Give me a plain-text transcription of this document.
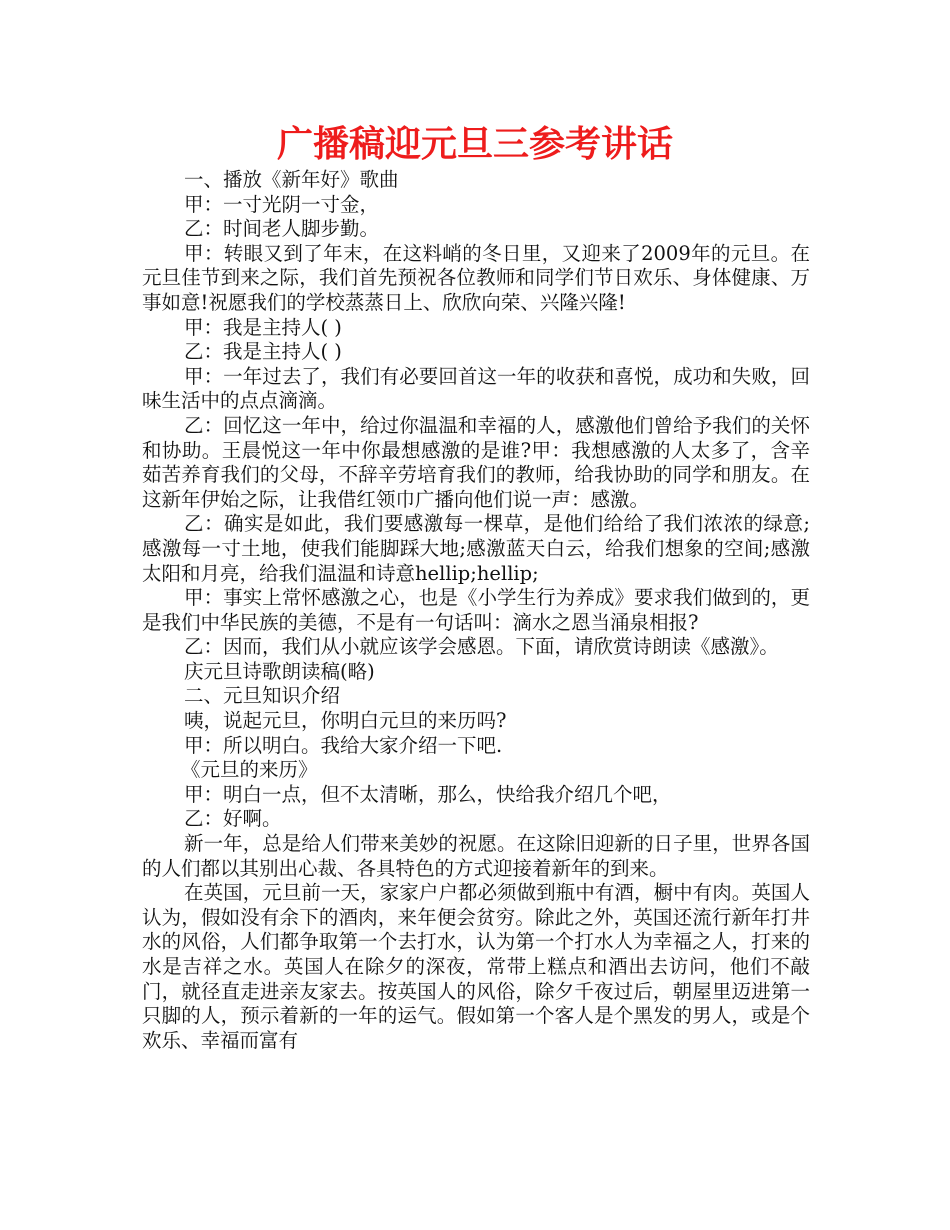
广播稿迎元旦三参考讲话

一、播放《新年好》歌曲

甲：一寸光阴一寸金，

乙：时间老人脚步勤。

甲：转眼又到了年末，在这料峭的冬日里，又迎来了2009年的元旦。在元旦佳节到来之际，我们首先预祝各位教师和同学们节日欢乐、身体健康、万事如意!祝愿我们的学校蒸蒸日上、欣欣向荣、兴隆兴隆!

甲：我是主持人( )

乙：我是主持人( )

甲：一年过去了，我们有必要回首这一年的收获和喜悦，成功和失败，回味生活中的点点滴滴。

乙：回忆这一年中，给过你温温和幸福的人，感激他们曾给予我们的关怀和协助。王晨悦这一年中你最想感激的是谁?甲：我想感激的人太多了，含辛茹苦养育我们的父母，不辞辛劳培育我们的教师，给我协助的同学和朋友。在这新年伊始之际，让我借红领巾广播向他们说一声：感激。

乙：确实是如此，我们要感激每一棵草，是他们给给了我们浓浓的绿意;感激每一寸土地，使我们能脚踩大地;感激蓝天白云，给我们想象的空间;感激太阳和月亮，给我们温温和诗意hellip;hellip;

甲：事实上常怀感激之心，也是《小学生行为养成》要求我们做到的，更是我们中华民族的美德，不是有一句话叫：滴水之恩当涌泉相报?

乙：因而，我们从小就应该学会感恩。下面，请欣赏诗朗读《感激》。

庆元旦诗歌朗读稿(略)

二、元旦知识介绍

咦，说起元旦，你明白元旦的来历吗?

甲：所以明白。我给大家介绍一下吧.

《元旦的来历》

甲：明白一点，但不太清晰，那么，快给我介绍几个吧，

乙：好啊。

新一年，总是给人们带来美妙的祝愿。在这除旧迎新的日子里，世界各国的人们都以其别出心裁、各具特色的方式迎接着新年的到来。

在英国，元旦前一天，家家户户都必须做到瓶中有酒，橱中有肉。英国人认为，假如没有余下的酒肉，来年便会贫穷。除此之外，英国还流行新年打井水的风俗，人们都争取第一个去打水，认为第一个打水人为幸福之人，打来的水是吉祥之水。英国人在除夕的深夜，常带上糕点和酒出去访问，他们不敲门，就径直走进亲友家去。按英国人的风俗，除夕千夜过后，朝屋里迈进第一只脚的人，预示着新的一年的运气。假如第一个客人是个黑发的男人，或是个欢乐、幸福而富有
